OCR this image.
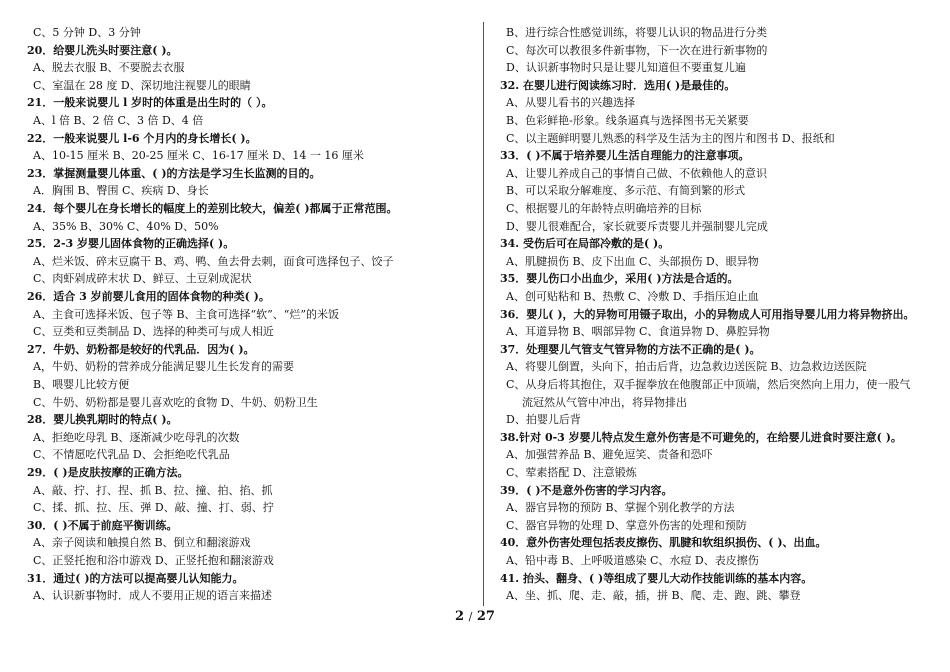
C、5 分钟 D、3 分钟
20．给婴儿洗头时要注意( )。
A、脱去衣服 B、不要脱去衣服
C、室温在 28 度 D、深切地注视婴儿的眼睛
21．一般来说婴儿 l 岁时的体重是出生时的（ ）。
A、l 倍 B、2 倍 C、3 倍 D、4 倍
22．一般来说婴儿 l-6 个月内的身长增长( )。
A、10-15 厘米 B、20-25 厘米 C、16-17 厘米 D、14 一 16 厘米
23．掌握测量婴儿体重、( )的方法是学习生长监测的目的。
A．胸围 B、臀围 C、疾病 D、身长
24．每个婴儿在身长增长的幅度上的差别比较大，偏差( )都属于正常范围。
A、35% B、30% C、40% D、50%
25．2-3 岁婴儿固体食物的正确选择( )。
A、烂米饭、碎末豆腐干 B、鸡、鸭、鱼去骨去刺，面食可选择包子、饺子
C、肉虾剁成碎末状 D、鲜豆、土豆剁成泥状
26．适合 3 岁前婴儿食用的固体食物的种类( )。
A、主食可选择米饭、包子等 B、主食可选择“软”、“烂”的米饭
C、豆类和豆类制品 D、选择的种类可与成人相近
27．牛奶、奶粉都是较好的代乳品．因为( )。
A，牛奶、奶粉的营养成分能满足婴儿生长发育的需要
B、喂婴儿比较方便
C、牛奶、奶粉都是婴儿喜欢吃的食物 D、牛奶、奶粉卫生
28．婴儿换乳期时的特点( )。
A、拒绝吃母乳 B、逐渐减少吃母乳的次数
C、不情愿吃代乳品 D、会拒绝吃代乳品
29．( )是皮肤按摩的正确方法。
A、敲、拧、打、捏、抓 B、拉、撞、拍、掐、抓
C、揉、抓、拉、压、弹 D、敲、撞、打、弱、拧
30．( )不属于前庭平衡训练。
A、亲子阅读和触摸自然 B、倒立和翻滚游戏
C、正竖托抱和浴巾游戏 D、正竖托抱和翻滚游戏
31．通过( )的方法可以提高婴儿认知能力。
A、认识新事物时．成人不要用正规的语言来描述
B、进行综合性感觉训练，将婴儿认识的物品进行分类
C、每次可以教很多件新事物，下一次在进行新事物的
D、认识新事物时只是让婴儿知道但不要重复儿遍
32. 在婴儿进行阅读练习时．选用( )是最佳的。
A、从婴儿看书的兴趣选择
B、色彩鲜艳-形象。线条逼真与选择图书无关紧要
C、以主题鲜明婴儿熟悉的科学及生活为主的图片和图书 D、报纸和
33．( )不属于培养婴儿生活自理能力的注意事项。
A、让婴儿养成自己的事情自己做、不依赖他人的意识
B、可以采取分解难度、多示范、有简到繁的形式
C、根据婴儿的年龄特点明确培养的目标
D、婴儿很难配合，家长就要斥责婴儿并强制婴儿完成
34. 受伤后可在局部冷敷的是( )。
A、肌腱损伤 B、皮下出血 C、头部损伤 D、眼异物
35．婴儿伤口小出血少，采用( )方法是合适的。
A、创可贴粘和 B、热敷 C、冷敷 D、手指压迫止血
36．婴儿( )，大的异物可用镊子取出，小的异物成人可用指导婴儿用力将异物挤出。
A、耳道异物 B、咽部异物 C、食道异物 D、鼻腔异物
37．处理婴儿气管支气管异物的方法不正确的是( )。
A、将婴儿倒置，头向下，拍击后背，边急救边送医院 B、边急救边送医院
C、从身后将其抱住，双手握拳放在他腹部正中顶端，然后突然向上用力，使一股气
流冠然从气管中冲出，将异物排出
D、拍婴儿后背
38.针对 0-3 岁婴儿特点发生意外伤害是不可避免的，在给婴儿进食时要注意( )。
A、加强营养品 B、避免逗笑、责备和恐吓
C、荤素搭配 D、注意锻炼
39．( )不是意外伤害的学习内容。
A、器官异物的预防 B、掌握个别化教学的方法
C、器官异物的处理 D、掌意外伤害的处理和预防
40．意外伤害处理包括表皮擦伤、肌腱和软组织损伤、( )、出血。
A、铅中毒 B、上呼吸道感染 C、水痘 D、表皮擦伤
41. 抬头、翻身、( )等组成了婴儿大动作技能训练的基本内容。
A、坐、抓、爬、走、敲，插，拼 B、爬、走、跑、跳、攀登
2 / 27
